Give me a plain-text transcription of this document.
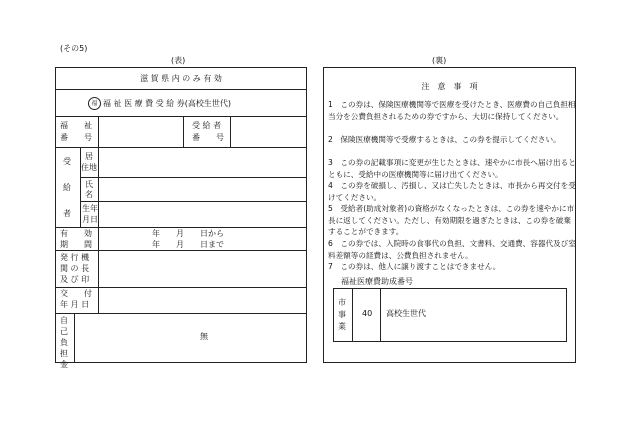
(その5)
(表)	(裏)
滋 賀 県 内 の み 有 効
福 福 祉 医 療 費 受 給 券(高校生世代)
福　　祉
番　　号
受 給 者
番　　号
受
給
者
居
住地
氏
名
生年
月日
有　　効
期　　間
年　　月　　日から
年　　月　　日まで
発 行 機
関 の 長
及 び 印
交　　付
年 月 日
自己負担金
無
注　意　事　項
1　この券は、保険医療機関等で医療を受けたとき、医療費の自己負担相当分を公費負担されるための券ですから、大切に保持してください。
2　保険医療機関等で受療するときは、この券を提示してください。
3　この券の記載事項に変更が生じたときは、速やかに市長へ届け出るとともに、受給中の医療機関等に届け出てください。
4　この券を破損し、汚損し、又は亡失したときは、市長から再交付を受けてください。
5　受給者(助成対象者)の資格がなくなったときは、この券を速やかに市長に返してください。ただし、有効期限を過ぎたときは、この券を破棄することができます。
6　この券では、入院時の食事代の負担、文書料、交通費、容器代及び室料差額等の経費は、公費負担されません。
7　この券は、他人に譲り渡すことはできません。
福祉医療費助成番号
市事業
40 高校生世代
